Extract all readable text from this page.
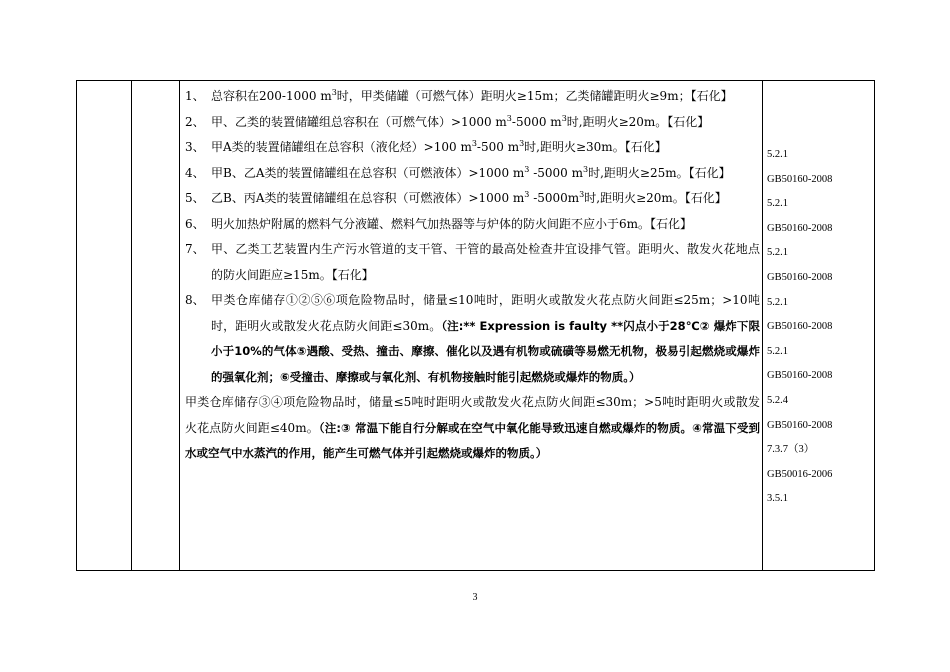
1、 总容积在200-1000 $m^3$时，甲类储罐（可燃气体）距明火≥15m；乙类储罐距明火≥9m；【石化】
2、 甲、乙类的装置储罐组总容积在（可燃气体）>1000 $m^3-5000$ $m^3$时,距明火≥20m。【石化】
3、 甲A类的装置储罐组在总容积（液化烃）>100 $m^3-500$ $m^3$时,距明火≥30m。【石化】
4、 甲B、乙A类的装置储罐组在总容积（可燃液体）>1000 $m^3$ -5000 $m^3$时,距明火≥25m。【石化】
5、 乙B、丙A类的装置储罐组在总容积（可燃液体）>1000 $m^3$ $-5000m^3$时,距明火≥20m。【石化】
6、 明火加热炉附属的燃料气分液罐、燃料气加热器等与炉体的防火间距不应小于6m。【石化】
7、 甲、乙类工艺装置内生产污水管道的支干管、干管的最高处检查井宜设排气管。距明火、散发火花地点的防火间距应≥15m。【石化】
8、 甲类仓库储存①②⑤⑥项危险物品时，储量≤10吨时，距明火或散发火花点防火间距≤25m；>10吨时，距明火或散发火花点防火间距≤30m。（注:** Expression is faulty **闪点小于28℃② 爆炸下限小于10%的气体⑤遇酸、受热、撞击、摩擦、催化以及遇有机物或硫磺等易燃无机物，极易引起燃烧或爆炸的强氧化剂；⑥受撞击、摩擦或与氧化剂、有机物接触时能引起燃烧或爆炸的物质。）
甲类仓库储存③④项危险物品时，储量≤5吨时距明火或散发火花点防火间距≤30m；>5吨时距明火或散发火花点防火间距≤40m。（注:③ 常温下能自行分解或在空气中氧化能导致迅速自燃或爆炸的物质。④常温下受到水或空气中水蒸汽的作用，能产生可燃气体并引起燃烧或爆炸的物质。）
5.2.1
GB50160-2008
5.2.1
GB50160-2008
5.2.1
GB50160-2008
5.2.1
GB50160-2008
5.2.1
GB50160-2008
5.2.4
GB50160-2008
7.3.7（3）
GB50016-2006
3.5.1
3
